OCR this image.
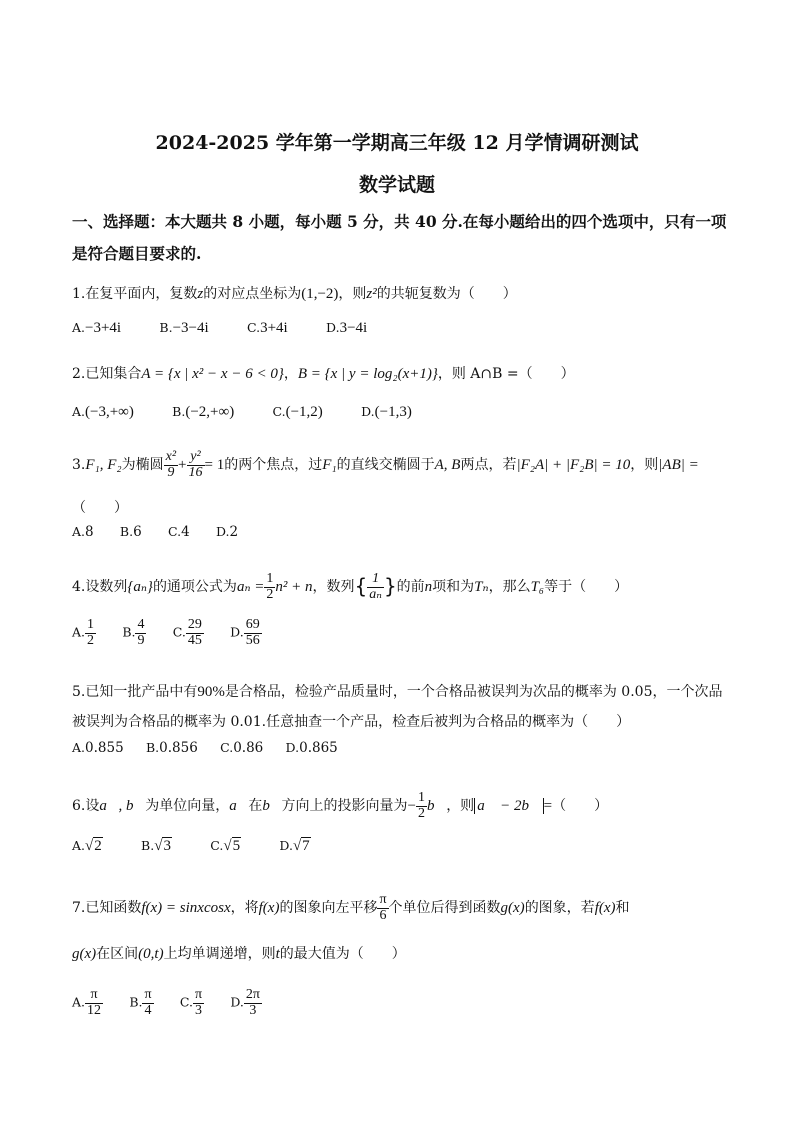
2024-2025 学年第一学期高三年级 12 月学情调研测试
数学试题
一、选择题：本大题共 8 小题，每小题 5 分，共 40 分.在每小题给出的四个选项中，只有一项
是符合题目要求的.
1.在复平面内，复数z的对应点坐标为(1,−2)，则z²的共轭复数为（　　）
A.−3+4i	B.−3−4i	C.3+4i	D.3−4i
2.已知集合A = {x | x² − x − 6 < 0}，B = {x | y = log₂(x+1)}，则 A∩B =（　　）
A.(−3,+∞)	B.(−2,+∞)	C.(−1,2)	D.(−1,3)
3.F₁, F₂为椭圆 $\frac{\text{x²}}{9} + \frac{\text{y²}}{16} = 1$的两个焦点，过F₁的直线交椭圆于A, B两点，若|F₂A| + |F₂B| = 10，则|AB| =
（　　）
A.8 B.6 C.4 D.2
4.设数列{aₙ}的通项公式为$a_n = \frac{1}{2} n^2 + n$，数列{ $\frac{1}{\text{aₙ}}$ }的前n项和为Tₙ，那么T₆等于（　　）
A. $\frac{1}{2} B$. $\frac{4}{9} C$. $\frac{29}{45} D$. $\frac{69}{56}$
5.已知一批产品中有90%是合格品，检验产品质量时，一个合格品被误判为次品的概率为 0.05，一个次品
被误判为合格品的概率为 0.01.任意抽查一个产品，检查后被判为合格品的概率为（　　）
A.0.855 B.0.856 C.0.86 D.0.865
6.设a⃗, b⃗为单位向量，a⃗在b⃗方向上的投影向量为− $\frac{1}{2}$ b⃗，则 a⃗ − 2b⃗ =（　　）
A.√2	B.√3	C.√5	D.√7
7.已知函数f(x) = sinxcosx，将f(x)的图象向左平移 $\frac{\pi}{6}$ 个单位后得到函数g(x)的图象，若f(x)和
g(x)在区间(0,t)上均单调递增，则t的最大值为（　　）
A. $\frac{\pi}{12} B$. $\frac{\pi}{4} C$. $\frac{\pi}{3} D$. $\frac{2\pi}{3}$
